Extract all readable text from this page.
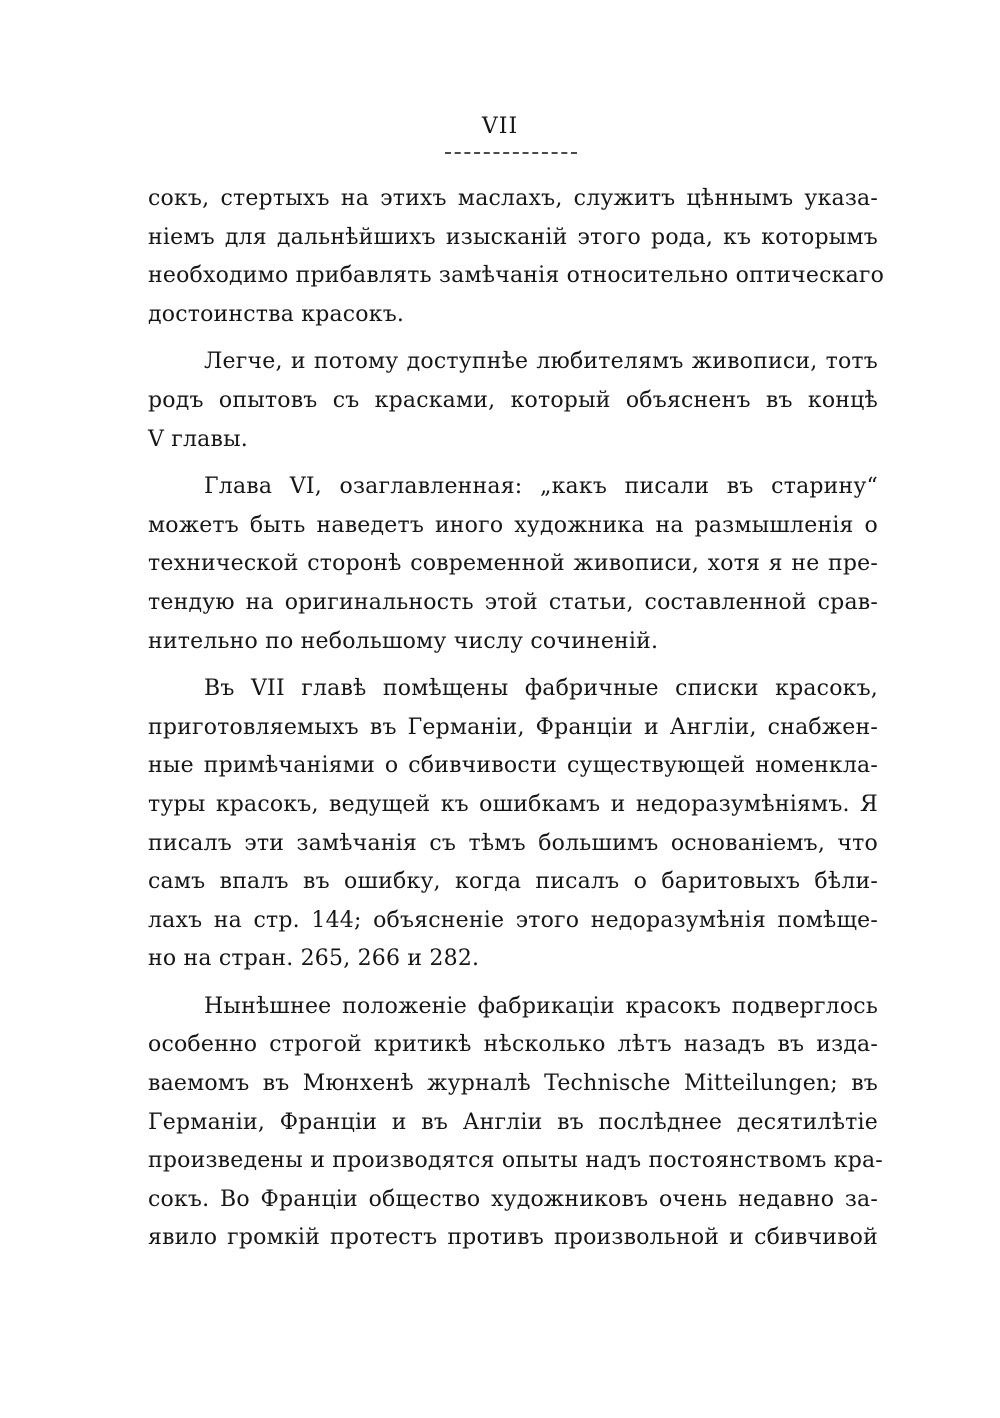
VII
сокъ, стертыхъ на этихъ маслахъ, служитъ цѣннымъ указа-
ніемъ для дальнѣйшихъ изысканій этого рода, къ которымъ
необходимо прибавлять замѣчанія относительно оптическаго
достоинства красокъ.
Легче, и потому доступнѣе любителямъ живописи, тотъ
родъ опытовъ съ красками, который объясненъ въ концѣ
V главы.
Глава VI, озаглавленная: „какъ писали въ старину“
можетъ быть наведетъ иного художника на размышленія о
технической сторонѣ современной живописи, хотя я не пре-
тендую на оригинальность этой статьи, составленной срав-
нительно по небольшому числу сочиненій.
Въ VII главѣ помѣщены фабричные списки красокъ,
приготовляемыхъ въ Германіи, Франціи и Англіи, снабжен-
ные примѣчаніями о сбивчивости существующей номенкла-
туры красокъ, ведущей къ ошибкамъ и недоразумѣніямъ. Я
писалъ эти замѣчанія съ тѣмъ большимъ основаніемъ, что
самъ впалъ въ ошибку, когда писалъ о баритовыхъ бѣли-
лахъ на стр. 144; объясненіе этого недоразумѣнія помѣще-
но на стран. 265, 266 и 282.
Нынѣшнее положеніе фабрикаціи красокъ подверглось
особенно строгой критикѣ нѣсколько лѣтъ назадъ въ изда-
ваемомъ въ Мюнхенѣ журналѣ Technische Mitteilungen; въ
Германіи, Франціи и въ Англіи въ послѣднее десятилѣтіе
произведены и производятся опыты надъ постоянствомъ кра-
сокъ. Во Франціи общество художниковъ очень недавно за-
явило громкій протестъ противъ произвольной и сбивчивой
